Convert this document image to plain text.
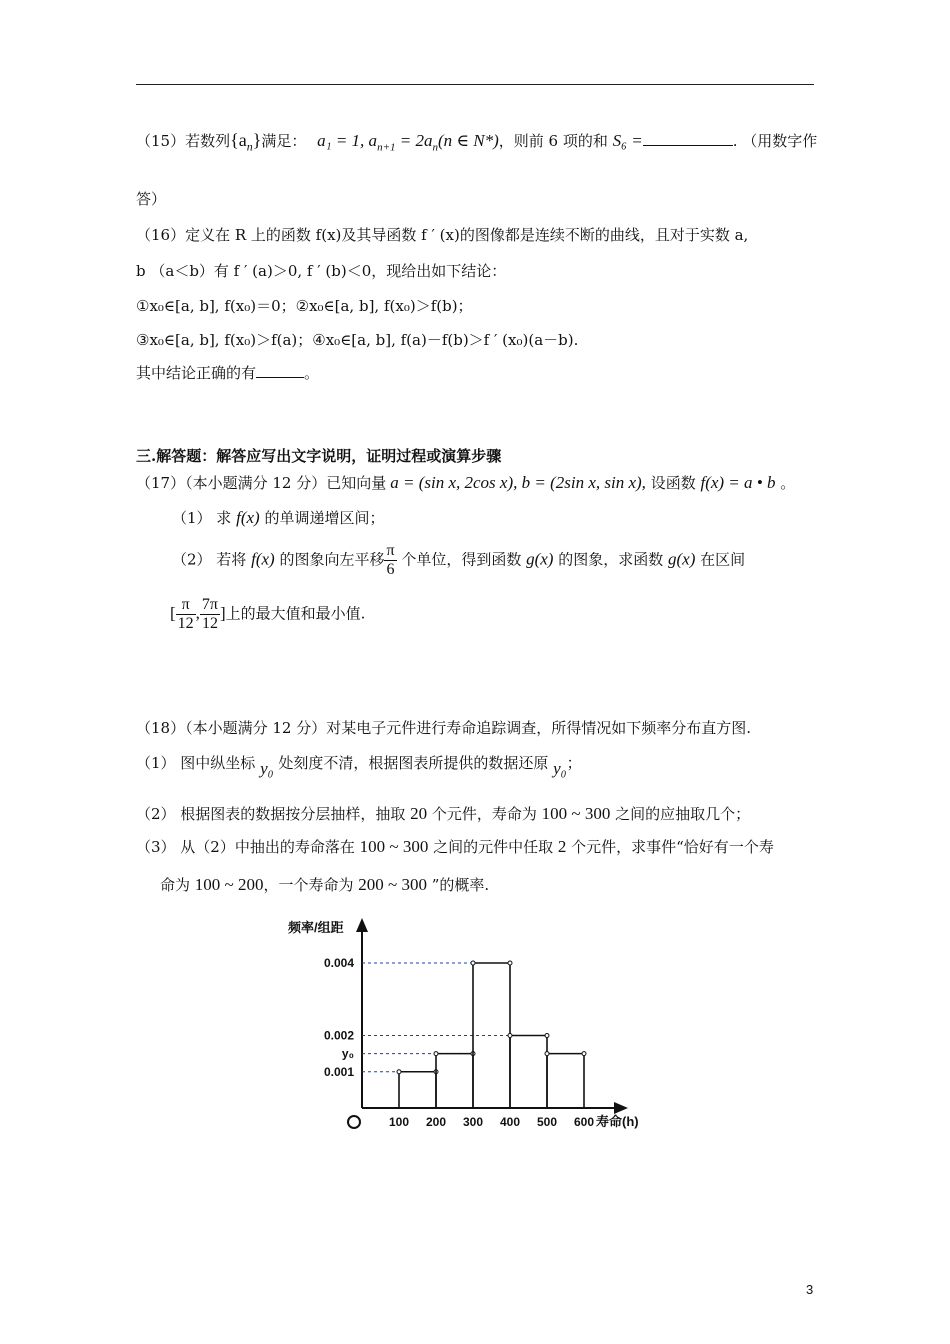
（15）若数列$\{a_n\}$满足： a₁ = 1, $a_{n+1} = 2a_n(n$ ∈ N*)，则前 6 项的和 S₆ =	. （用数字作
答）
（16）定义在 R 上的函数 f(x)及其导函数 f ′ (x)的图像都是连续不断的曲线，且对于实数 a,
b （a＜b）有 f ′ (a)＞0, f ′ (b)＜0，现给出如下结论：
①x₀∈[a, b], f(x₀)＝0；②x₀∈[a, b], f(x₀)＞f(b)；
③x₀∈[a, b], f(x₀)＞f(a)；④x₀∈[a, b], f(a)－f(b)＞f ′ (x₀)(a－b).
其中结论正确的有	。
三.解答题：解答应写出文字说明，证明过程或演算步骤
（17）（本小题满分 12 分）已知向量 a = (sin x, 2cos x), b = (2sin x, sin x), 设函数 f(x) = a • b 。
（1） 求 f(x) 的单调递增区间；
（2） 若将 f(x) 的图象向左平移 $\frac{\pi}{6}$ 个单位，得到函数 g(x) 的图象，求函数 g(x) 在区间
[ $\frac{\pi}{12}$ , $\frac{7\pi}{12}$ ]上的最大值和最小值.
（18）（本小题满分 12 分）对某电子元件进行寿命追踪调查，所得情况如下频率分布直方图.
（1） 图中纵坐标 y₀ 处刻度不清，根据图表所提供的数据还原 y₀；
（2） 根据图表的数据按分层抽样，抽取 20 个元件，寿命为 100 ~ 300 之间的应抽取几个；
（3） 从（2）中抽出的寿命落在 100 ~ 300 之间的元件中任取 2 个元件，求事件“恰好有一个寿
命为 100 ~ 200，一个寿命为 200 ~ 300 ”的概率.
0.004
0.002
y₀
0.001
100 200 300 400 500 600
频率/组距
寿命(h)
3
